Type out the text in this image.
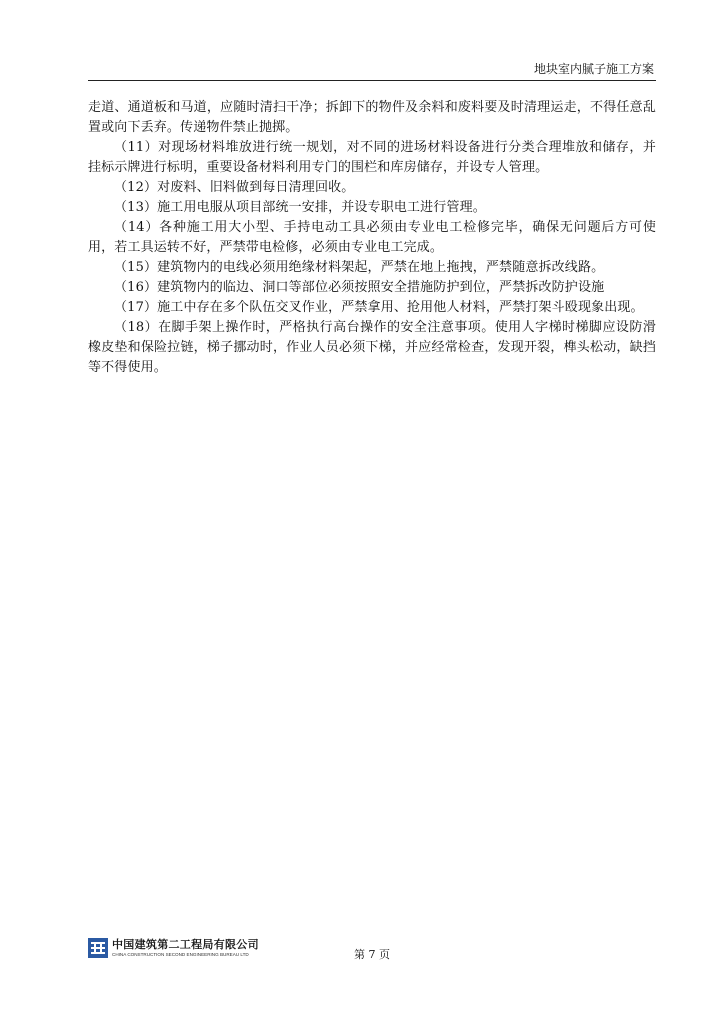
地块室内腻子施工方案

走道、通道板和马道，应随时清扫干净；拆卸下的物件及余料和废料要及时清理运走，不得任意乱置或向下丢弃。传递物件禁止抛掷。

（11）对现场材料堆放进行统一规划，对不同的进场材料设备进行分类合理堆放和储存，并挂标示牌进行标明，重要设备材料利用专门的围栏和库房储存，并设专人管理。

（12）对废料、旧料做到每日清理回收。

（13）施工用电服从项目部统一安排，并设专职电工进行管理。

（14）各种施工用大小型、手持电动工具必须由专业电工检修完毕，确保无问题后方可使用，若工具运转不好，严禁带电检修，必须由专业电工完成。

（15）建筑物内的电线必须用绝缘材料架起，严禁在地上拖拽，严禁随意拆改线路。

（16）建筑物内的临边、洞口等部位必须按照安全措施防护到位，严禁拆改防护设施

（17）施工中存在多个队伍交叉作业，严禁拿用、抢用他人材料，严禁打架斗殴现象出现。

（18）在脚手架上操作时，严格执行高台操作的安全注意事项。使用人字梯时梯脚应设防滑橡皮垫和保险拉链，梯子挪动时，作业人员必须下梯，并应经常检查，发现开裂，榫头松动，缺挡等不得使用。

中国建筑第二工程局有限公司
CHINA CONSTRUCTION SECOND ENGINEERING BUREAU LTD	第 7 页
